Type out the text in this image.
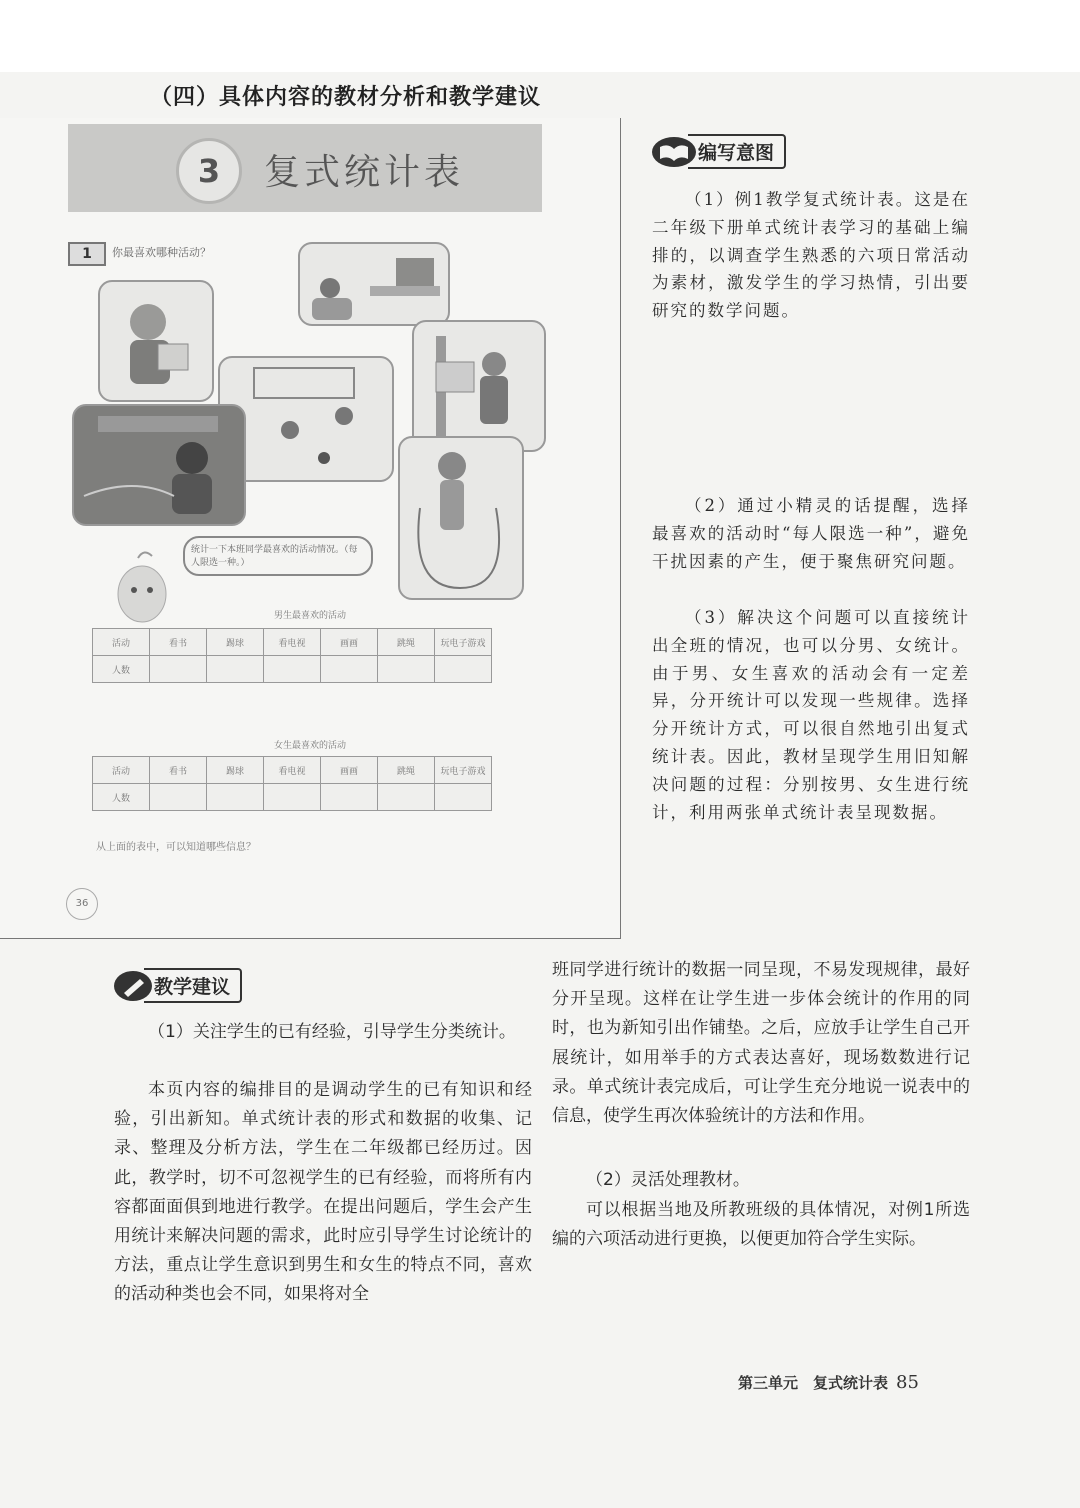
（四）具体内容的教材分析和教学建议
3	复式统计表
1	你最喜欢哪种活动？
统计一下本班同学最喜欢的活动情况。（每人限选一种。）
男生最喜欢的活动
活动	看书	踢球	看电视	画画	跳绳	玩电子游戏
人数						
女生最喜欢的活动
活动	看书	踢球	看电视	画画	跳绳	玩电子游戏
人数						
从上面的表中，可以知道哪些信息？
36
编写意图

（1）例1教学复式统计表。这是在二年级下册单式统计表学习的基础上编排的，以调查学生熟悉的六项日常活动为素材，激发学生的学习热情，引出要研究的数学问题。

（2）通过小精灵的话提醒，选择最喜欢的活动时“每人限选一种”，避免干扰因素的产生，便于聚焦研究问题。

（3）解决这个问题可以直接统计出全班的情况，也可以分男、女统计。由于男、女生喜欢的活动会有一定差异，分开统计可以发现一些规律。选择分开统计方式，可以很自然地引出复式统计表。因此，教材呈现学生用旧知解决问题的过程：分别按男、女生进行统计，利用两张单式统计表呈现数据。

教学建议

（1）关注学生的已有经验，引导学生分类统计。

本页内容的编排目的是调动学生的已有知识和经验，引出新知。单式统计表的形式和数据的收集、记录、整理及分析方法，学生在二年级都已经历过。因此，教学时，切不可忽视学生的已有经验，而将所有内容都面面俱到地进行教学。在提出问题后，学生会产生用统计来解决问题的需求，此时应引导学生讨论统计的方法，重点让学生意识到男生和女生的特点不同，喜欢的活动种类也会不同，如果将对全

班同学进行统计的数据一同呈现，不易发现规律，最好分开呈现。这样在让学生进一步体会统计的作用的同时，也为新知引出作铺垫。之后，应放手让学生自己开展统计，如用举手的方式表达喜好，现场数数进行记录。单式统计表完成后，可让学生充分地说一说表中的信息，使学生再次体验统计的方法和作用。

（2）灵活处理教材。

可以根据当地及所教班级的具体情况，对例1所选编的六项活动进行更换，以便更加符合学生实际。

第三单元　复式统计表 85
